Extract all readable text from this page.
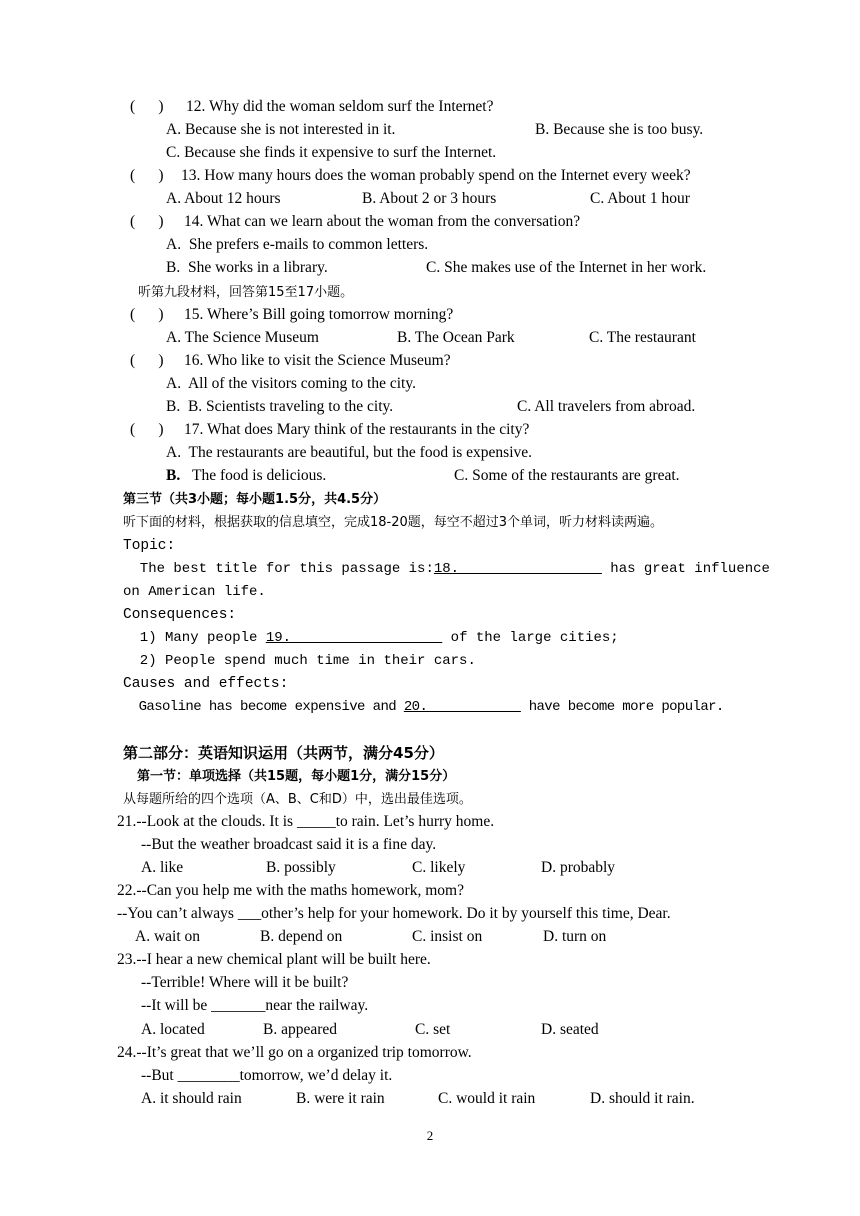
(      ) 12. Why did the woman seldom surf the Internet?
A. Because she is not interested in it.	B. Because she is too busy.
C. Because she finds it expensive to surf the Internet.
(      ) 13. How many hours does the woman probably spend on the Internet every week?
A. About 12 hours	B. About 2 or 3 hours	C. About 1 hour
(      ) 14. What can we learn about the woman from the conversation?
A.  She prefers e-mails to common letters.
B.  She works in a library.	C. She makes use of the Internet in her work.
听第九段材料，回答第15至17小题。
(      ) 15. Where’s Bill going tomorrow morning?
A. The Science Museum	B. The Ocean Park	C. The restaurant
(      ) 16. Who like to visit the Science Museum?
A.  All of the visitors coming to the city.
B.  B. Scientists traveling to the city.	C. All travelers from abroad.
(      ) 17. What does Mary think of the restaurants in the city?
A.  The restaurants are beautiful, but the food is expensive.
B. The food is delicious.	C. Some of the restaurants are great.
第三节（共3小题；每小题1.5分，共4.5分）
听下面的材料，根据获取的信息填空，完成18-20题，每空不超过3个单词，听力材料读两遍。
Topic:
The best title for this passage is:18.                  has great influence
on American life.
Consequences:
1) Many people 19.                   of the large cities;
2) People spend much time in their cars.
Causes and effects:
Gasoline has become expensive and 20.             have become more popular.
第二部分：英语知识运用（共两节，满分45分）
第一节：单项选择（共15题，每小题1分，满分15分）
从每题所给的四个选项（A、B、C和D）中，选出最佳选项。
21.--Look at the clouds. It is _____to rain. Let’s hurry home.
--But the weather broadcast said it is a fine day.
A. like	B. possibly	C. likely	D. probably
22.--Can you help me with the maths homework, mom?
--You can’t always ___other’s help for your homework. Do it by yourself this time, Dear.
A. wait on	B. depend on	C. insist on	D. turn on
23.--I hear a new chemical plant will be built here.
--Terrible! Where will it be built?
--It will be _______near the railway.
A. located	B. appeared	C. set	D. seated
24.--It’s great that we’ll go on a organized trip tomorrow.
--But ________tomorrow, we’d delay it.
A. it should rain	B. were it rain	C. would it rain	D. should it rain.
2
